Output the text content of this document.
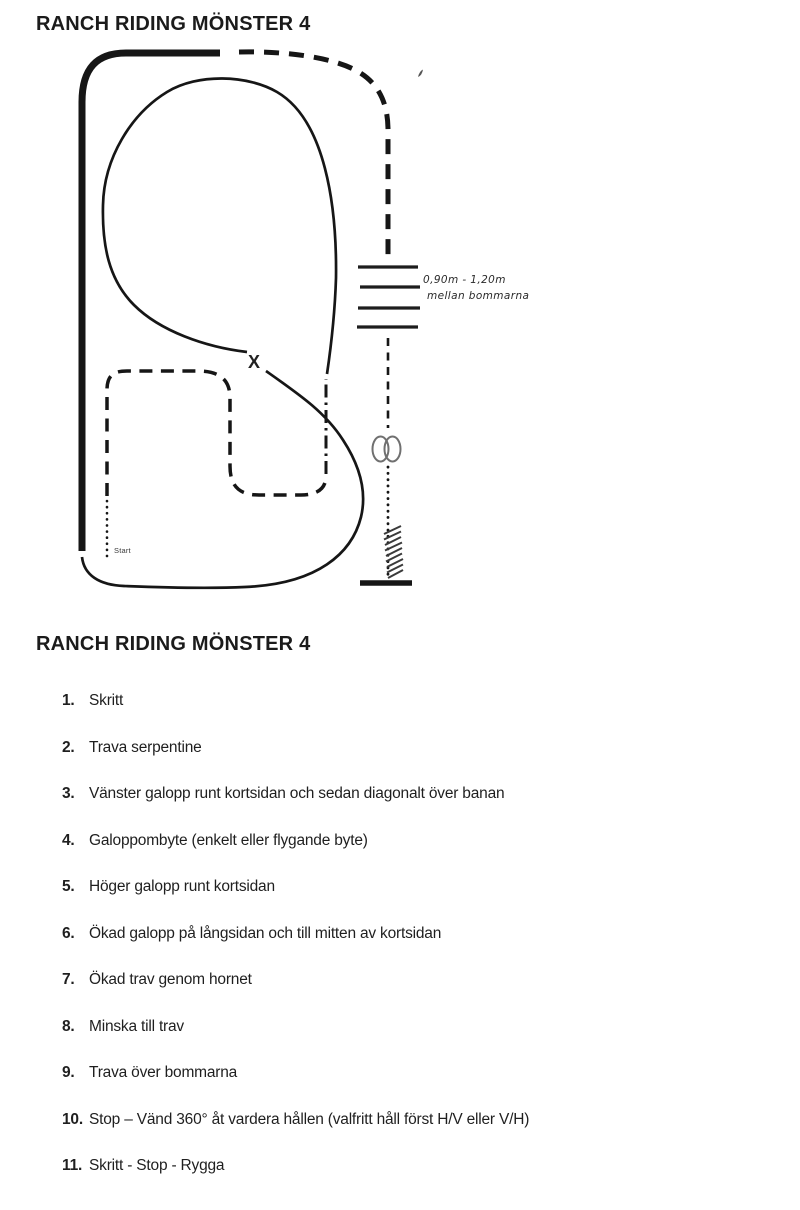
RANCH RIDING MÖNSTER 4
0,90m - 1,20m
mellan bommarna
X
Start
RANCH RIDING MÖNSTER 4
1. Skritt
2. Trava serpentine
3. Vänster galopp runt kortsidan och sedan diagonalt över banan
4. Galoppombyte (enkelt eller flygande byte)
5. Höger galopp runt kortsidan
6. Ökad galopp på långsidan och till mitten av kortsidan
7. Ökad trav genom hornet
8. Minska till trav
9. Trava över bommarna
10. Stop – Vänd 360° åt vardera hållen (valfritt håll först H/V eller V/H)
11. Skritt - Stop - Rygga
